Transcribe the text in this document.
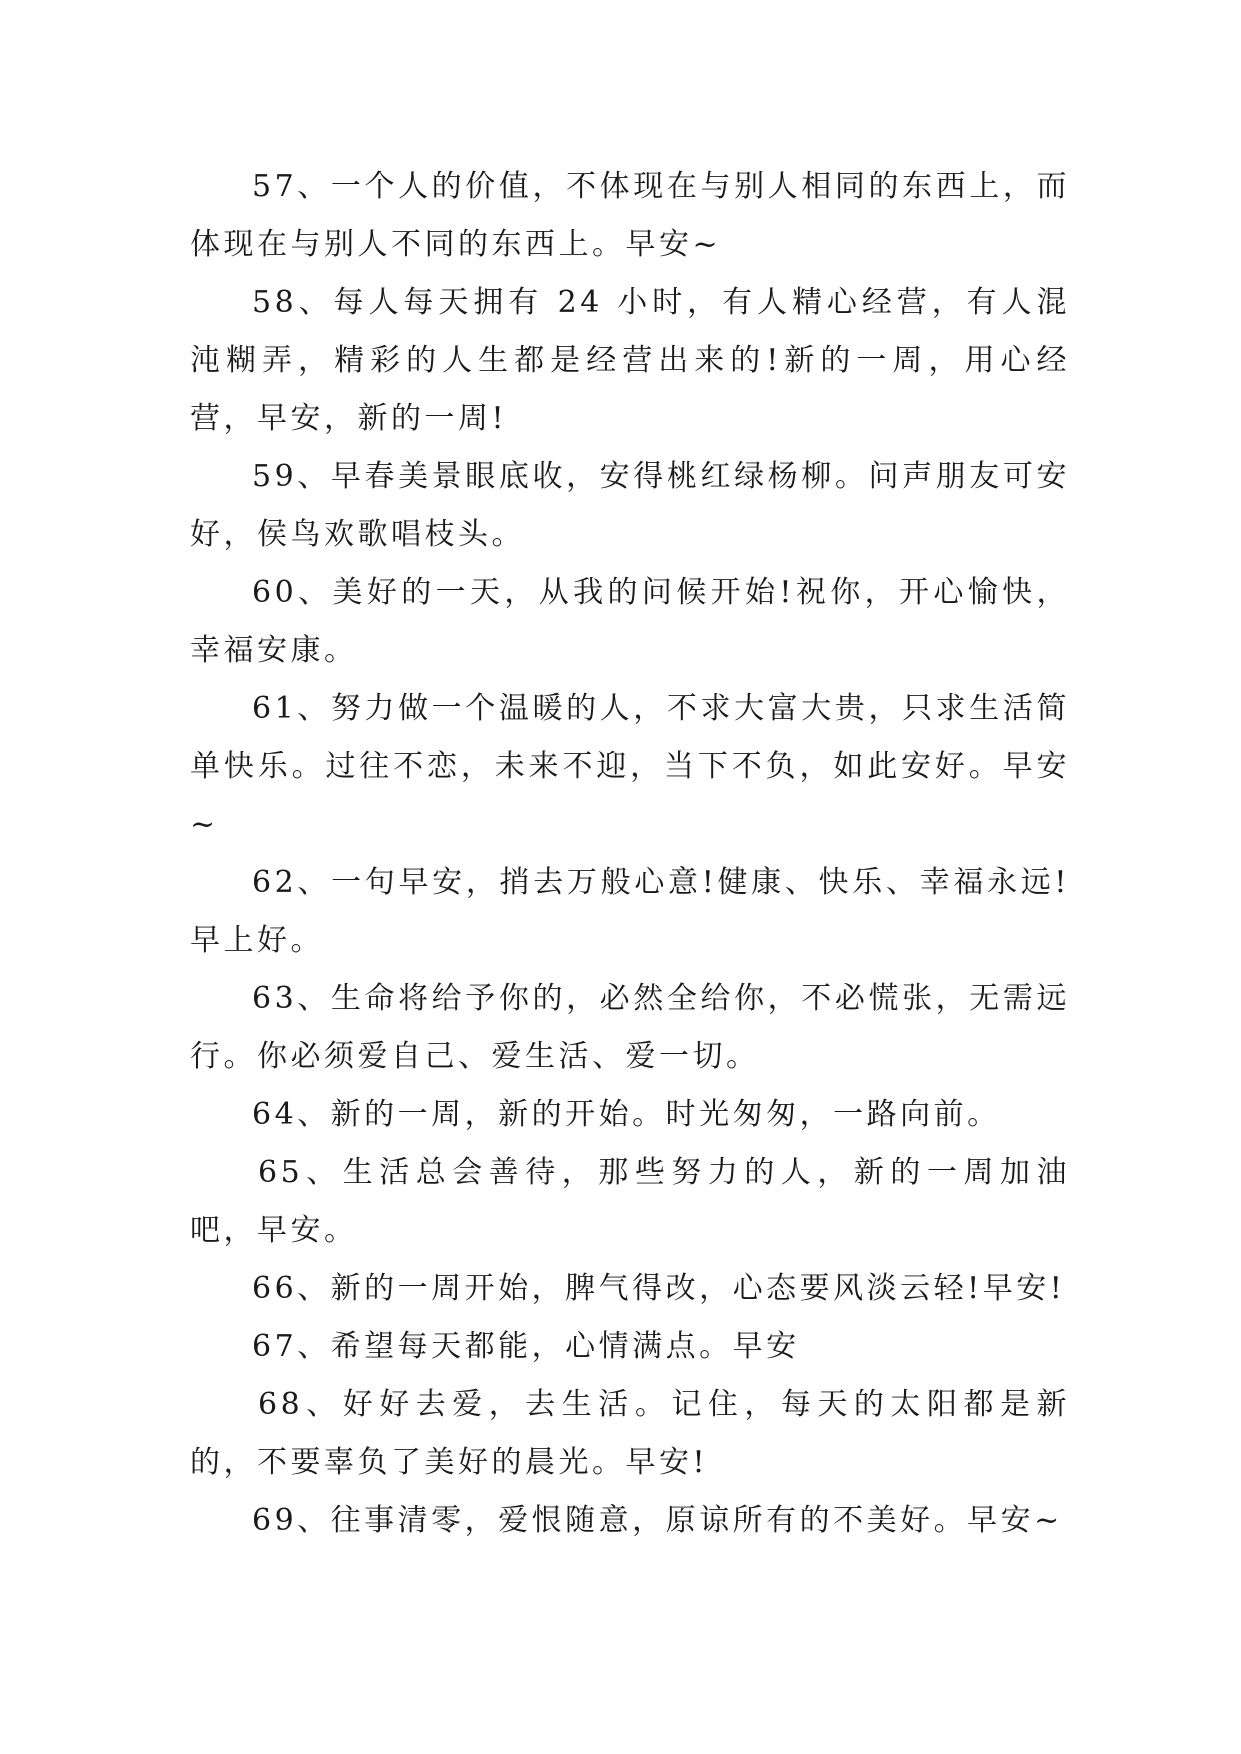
57、一个人的价值，不体现在与别人相同的东西上，而体现在与别人不同的东西上。早安~

58、每人每天拥有 24 小时，有人精心经营，有人混沌糊弄，精彩的人生都是经营出来的!新的一周，用心经营，早安，新的一周!

59、早春美景眼底收，安得桃红绿杨柳。问声朋友可安好，侯鸟欢歌唱枝头。

60、美好的一天，从我的问候开始!祝你，开心愉快，幸福安康。

61、努力做一个温暖的人，不求大富大贵，只求生活简单快乐。过往不恋，未来不迎，当下不负，如此安好。早安~

62、一句早安，捎去万般心意!健康、快乐、幸福永远!早上好。

63、生命将给予你的，必然全给你，不必慌张，无需远行。你必须爱自己、爱生活、爱一切。

64、新的一周，新的开始。时光匆匆，一路向前。

65、生活总会善待，那些努力的人，新的一周加油吧，早安。

66、新的一周开始，脾气得改，心态要风淡云轻!早安!

67、希望每天都能，心情满点。早安

68、好好去爱，去生活。记住，每天的太阳都是新的，不要辜负了美好的晨光。早安!

69、往事清零，爱恨随意，原谅所有的不美好。早安~
